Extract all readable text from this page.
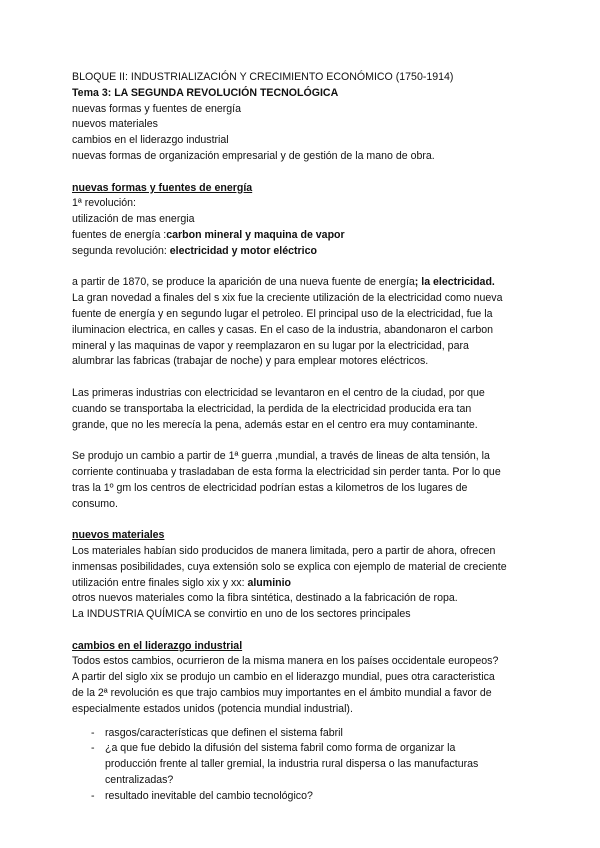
BLOQUE II: INDUSTRIALIZACIÓN Y CRECIMIENTO ECONÓMICO (1750-1914)
Tema 3: LA SEGUNDA REVOLUCIÓN TECNOLÓGICA
nuevas formas y fuentes de energía
nuevos materiales
cambios en el liderazgo industrial
nuevas formas de organización empresarial y de gestión de la mano de obra.
nuevas formas y fuentes de energía
1ª revolución:
utilización de mas energia
fuentes de energía :carbon mineral y maquina de vapor
segunda revolución: electricidad y motor eléctrico
a partir de 1870, se produce la aparición de una nueva fuente de energía; la electricidad.
La gran novedad a finales del s xix fue la creciente utilización de la electricidad como nueva
fuente de energía y en segundo lugar el petroleo. El principal uso de la electricidad, fue la
iluminacion electrica, en calles y casas. En el caso de la industria, abandonaron el carbon
mineral y las maquinas de vapor y reemplazaron en su lugar por la electricidad, para
alumbrar las fabricas (trabajar de noche) y para emplear motores eléctricos.
Las primeras industrias con electricidad se levantaron en el centro de la ciudad, por que
cuando se transportaba la electricidad, la perdida de la electricidad producida era tan
grande, que no les merecía la pena, además estar en el centro era muy contaminante.
Se produjo un cambio a partir de 1ª guerra ,mundial, a través de lineas de alta tensión, la
corriente continuaba y trasladaban de esta forma la electricidad sin perder tanta. Por lo que
tras la 1º gm los centros de electricidad podrían estas a kilometros de los lugares de
consumo.
nuevos materiales
Los materiales habían sido producidos de manera limitada, pero a partir de ahora, ofrecen
inmensas posibilidades, cuya extensión solo se explica con ejemplo de material de creciente
utilización entre finales siglo xix y xx: aluminio
otros nuevos materiales como la fibra sintética, destinado a la fabricación de ropa.
La INDUSTRIA QUÍMICA se convirtio en uno de los sectores principales
cambios en el liderazgo industrial
Todos estos cambios, ocurrieron de la misma manera en los países occidentale europeos?
A partir del siglo xix se produjo un cambio en el liderazgo mundial, pues otra caracteristica
de la 2ª revolución es que trajo cambios muy importantes en el ámbito mundial a favor de
especialmente estados unidos (potencia mundial industrial).
- rasgos/características que definen el sistema fabril
- ¿a que fue debido la difusión del sistema fabril como forma de organizar la
producción frente al taller gremial, la industria rural dispersa o las manufacturas
centralizadas?
- resultado inevitable del cambio tecnológico?
